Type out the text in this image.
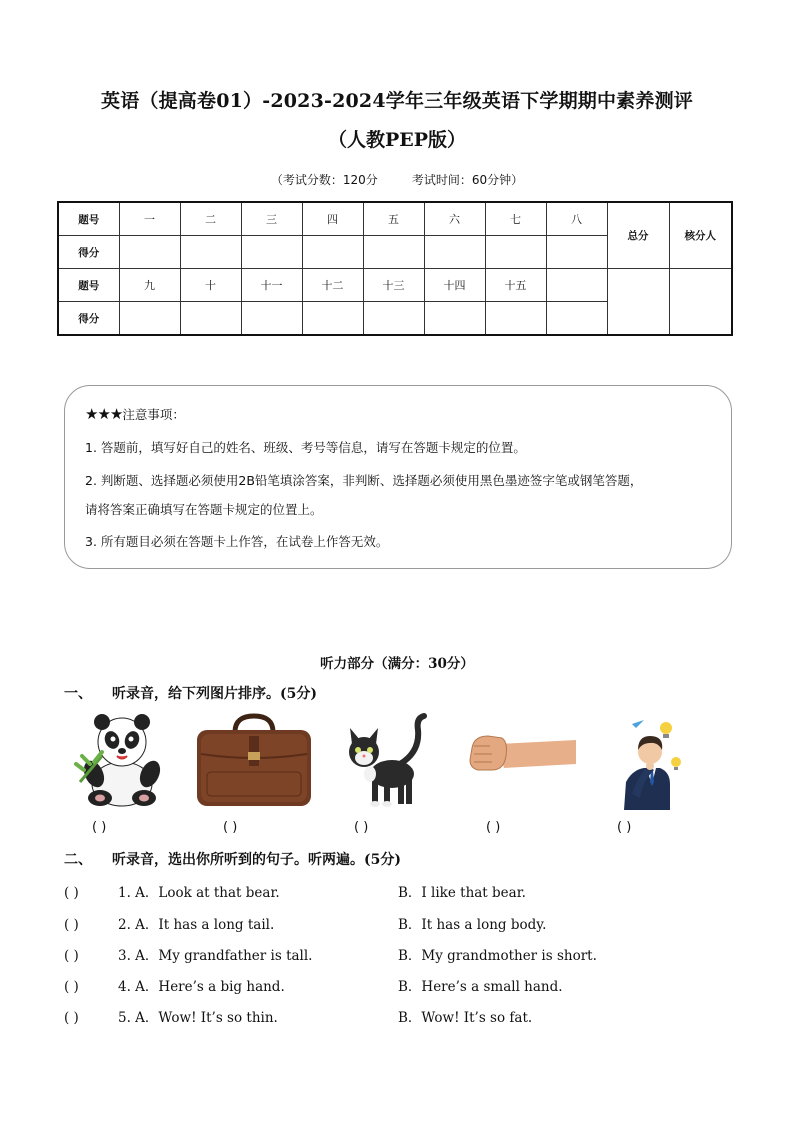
英语（提高卷01）-2023-2024学年三年级英语下学期期中素养测评
（人教PEP版）
（考试分数：120分	考试时间：60分钟）
题号	一	二	三	四	五	六	七	八	总分	核分人
得分										
题号	九	十	十一	十二	十三	十四	十五			
得分										
★★★注意事项：
1. 答题前，填写好自己的姓名、班级、考号等信息，请写在答题卡规定的位置。
2. 判断题、选择题必须使用2B铅笔填涂答案，非判断、选择题必须使用黑色墨迹签字笔或钢笔答题，
请将答案正确填写在答题卡规定的位置上。
3. 所有题目必须在答题卡上作答，在试卷上作答无效。
听力部分（满分：30分）
一、 听录音，给下列图片排序。(5分)
( )	( )	( )	( )	( )
二、 听录音，选出你所听到的句子。听两遍。(5分)
( )	1. A．Look at that bear.	B．I like that bear.
( )	2. A．It has a long tail.	B．It has a long body.
( )	3. A．My grandfather is tall.	B．My grandmother is short.
( )	4. A．Here’s a big hand.	B．Here’s a small hand.
( )	5. A．Wow! It’s so thin.	B．Wow! It’s so fat.
